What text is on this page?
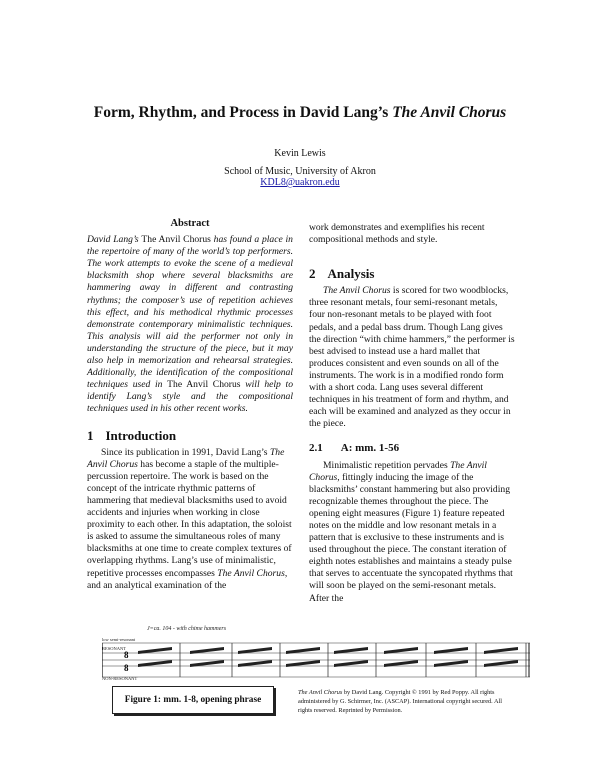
Form, Rhythm, and Process in David Lang’s The Anvil Chorus
Kevin Lewis
School of Music, University of Akron
KDL8@uakron.edu
Abstract
David Lang’s The Anvil Chorus has found a place in the repertoire of many of the world’s top performers. The work attempts to evoke the scene of a medieval blacksmith shop where several blacksmiths are hammering away in different and contrasting rhythms; the composer’s use of repetition achieves this effect, and his methodical rhythmic processes demonstrate contemporary minimalistic techniques. This analysis will aid the performer not only in understanding the structure of the piece, but it may also help in memorization and rehearsal strategies. Additionally, the identification of the compositional techniques used in The Anvil Chorus will help to identify Lang’s style and the compositional techniques used in his other recent works.
1 Introduction

Since its publication in 1991, David Lang’s The Anvil Chorus has become a staple of the multiple-percussion repertoire. The work is based on the concept of the intricate rhythmic patterns of hammering that medieval blacksmiths used to avoid accidents and injuries when working in close proximity to each other. In this adaptation, the soloist is asked to assume the simultaneous roles of many blacksmiths at one time to create complex textures of overlapping rhythms. Lang’s use of minimalistic, repetitive processes encompasses The Anvil Chorus, and an analytical examination of the

work demonstrates and exemplifies his recent compositional methods and style.
2 Analysis

The Anvil Chorus is scored for two woodblocks, three resonant metals, four semi-resonant metals, four non-resonant metals to be played with foot pedals, and a pedal bass drum. Though Lang gives the direction “with chime hammers,” the performer is best advised to instead use a hard mallet that produces consistent and even sounds on all of the instruments. The work is in a modified rondo form with a short coda. Lang uses several different techniques in his treatment of form and rhythm, and each will be examined and analyzed as they occur in the piece.

2.1 A: mm. 1-56

Minimalistic repetition pervades The Anvil Chorus, fittingly inducing the image of the blacksmiths’ constant hammering but also providing recognizable themes throughout the piece. The opening eight measures (Figure 1) feature repeated notes on the middle and low resonant metals in a pattern that is exclusive to these instruments and is used throughout the piece. The constant iteration of eighth notes establishes and maintains a steady pulse that serves to accentuate the syncopated rhythms that will soon be played on the semi-resonant metals. After the

J=ca. 104 - with chime hammers
low semi-resonant
RESONANT
NON-RESONANT
8
8
Figure 1: mm. 1-8, opening phrase
The Anvil Chorus by David Lang. Copyright © 1991 by Red Poppy. All rights administered by G. Schirmer, Inc. (ASCAP). International copyright secured. All rights reserved. Reprinted by Permission.
